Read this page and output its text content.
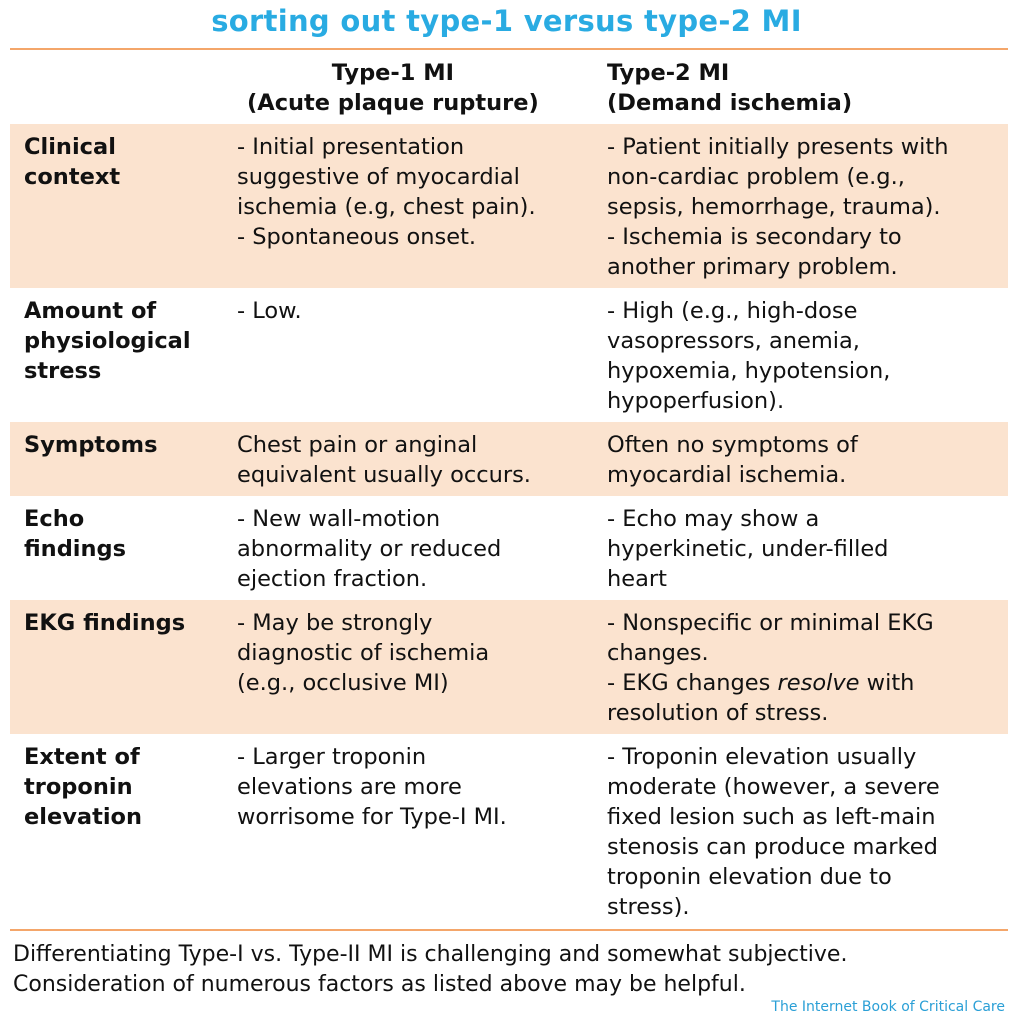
sorting out type-1 versus type-2 MI
Type-1 MI
(Acute plaque rupture)
Type-2 MI
(Demand ischemia)
Clinical
context
- Initial presentation
suggestive of myocardial
ischemia (e.g, chest pain).
- Spontaneous onset.
- Patient initially presents with
non-cardiac problem (e.g.,
sepsis, hemorrhage, trauma).
- Ischemia is secondary to
another primary problem.
Amount of
physiological
stress
- Low.	- High (e.g., high-dose
vasopressors, anemia,
hypoxemia, hypotension,
hypoperfusion).
Symptoms	Chest pain or anginal
equivalent usually occurs.
Often no symptoms of
myocardial ischemia.
Echo
findings
- New wall-motion
abnormality or reduced
ejection fraction.
- Echo may show a
hyperkinetic, under-filled
heart
EKG findings - May be strongly
diagnostic of ischemia
(e.g., occlusive MI)
- Nonspecific or minimal EKG
changes.
- EKG changes resolve with
resolution of stress.
Extent of
troponin
elevation
- Larger troponin
elevations are more
worrisome for Type-I MI.
- Troponin elevation usually
moderate (however, a severe
fixed lesion such as left-main
stenosis can produce marked
troponin elevation due to
stress).
Differentiating Type-I vs. Type-II MI is challenging and somewhat subjective.
Consideration of numerous factors as listed above may be helpful.
The Internet Book of Critical Care
